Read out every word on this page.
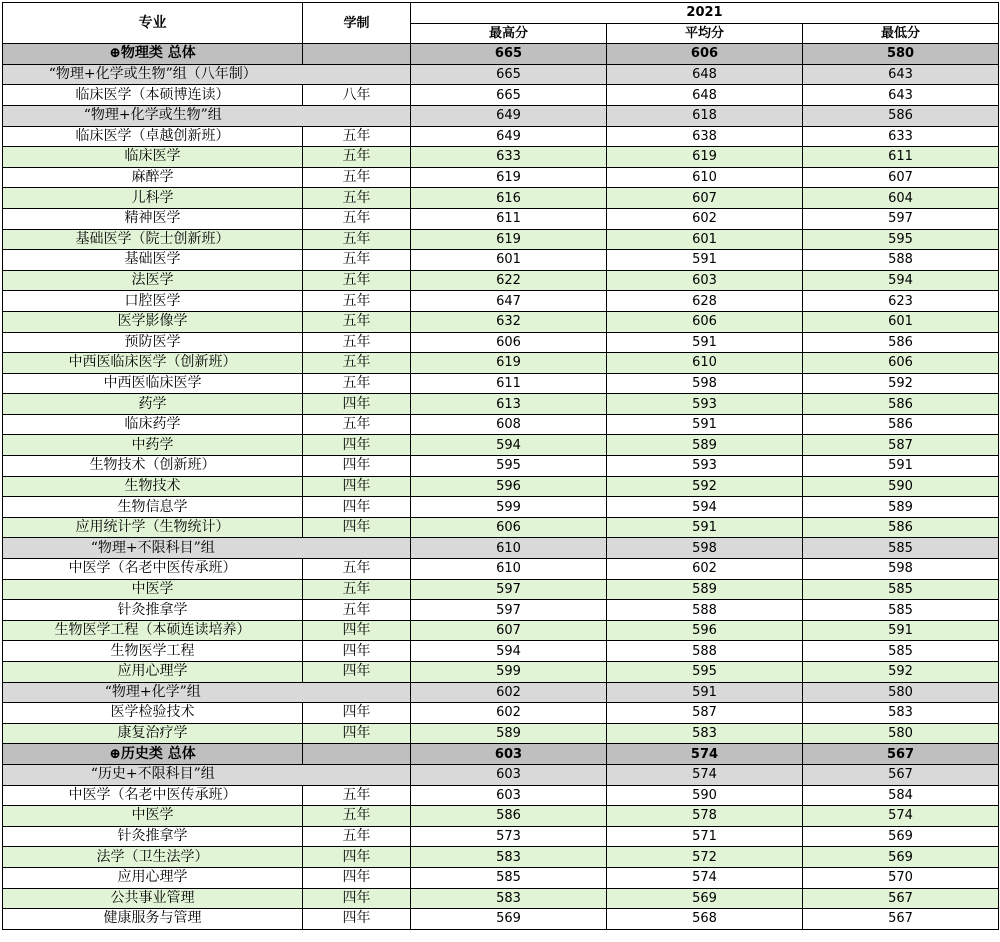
专业	学制	2021		
		最高分	平均分	最低分
⊕物理类 总体		665	606	580
“物理+化学或生物”组（八年制）		665	648	643
临床医学（本硕博连读）	八年	665	648	643
“物理+化学或生物”组		649	618	586
临床医学（卓越创新班）	五年	649	638	633
临床医学	五年	633	619	611
麻醉学	五年	619	610	607
儿科学	五年	616	607	604
精神医学	五年	611	602	597
基础医学（院士创新班）	五年	619	601	595
基础医学	五年	601	591	588
法医学	五年	622	603	594
口腔医学	五年	647	628	623
医学影像学	五年	632	606	601
预防医学	五年	606	591	586
中西医临床医学（创新班）	五年	619	610	606
中西医临床医学	五年	611	598	592
药学	四年	613	593	586
临床药学	五年	608	591	586
中药学	四年	594	589	587
生物技术（创新班）	四年	595	593	591
生物技术	四年	596	592	590
生物信息学	四年	599	594	589
应用统计学（生物统计）	四年	606	591	586
“物理+不限科目”组		610	598	585
中医学（名老中医传承班）	五年	610	602	598
中医学	五年	597	589	585
针灸推拿学	五年	597	588	585
生物医学工程（本硕连读培养）	四年	607	596	591
生物医学工程	四年	594	588	585
应用心理学	四年	599	595	592
“物理+化学”组		602	591	580
医学检验技术	四年	602	587	583
康复治疗学	四年	589	583	580
⊕历史类 总体		603	574	567
“历史+不限科目”组		603	574	567
中医学（名老中医传承班）	五年	603	590	584
中医学	五年	586	578	574
针灸推拿学	五年	573	571	569
法学（卫生法学）	四年	583	572	569
应用心理学	四年	585	574	570
公共事业管理	四年	583	569	567
健康服务与管理	四年	569	568	567
